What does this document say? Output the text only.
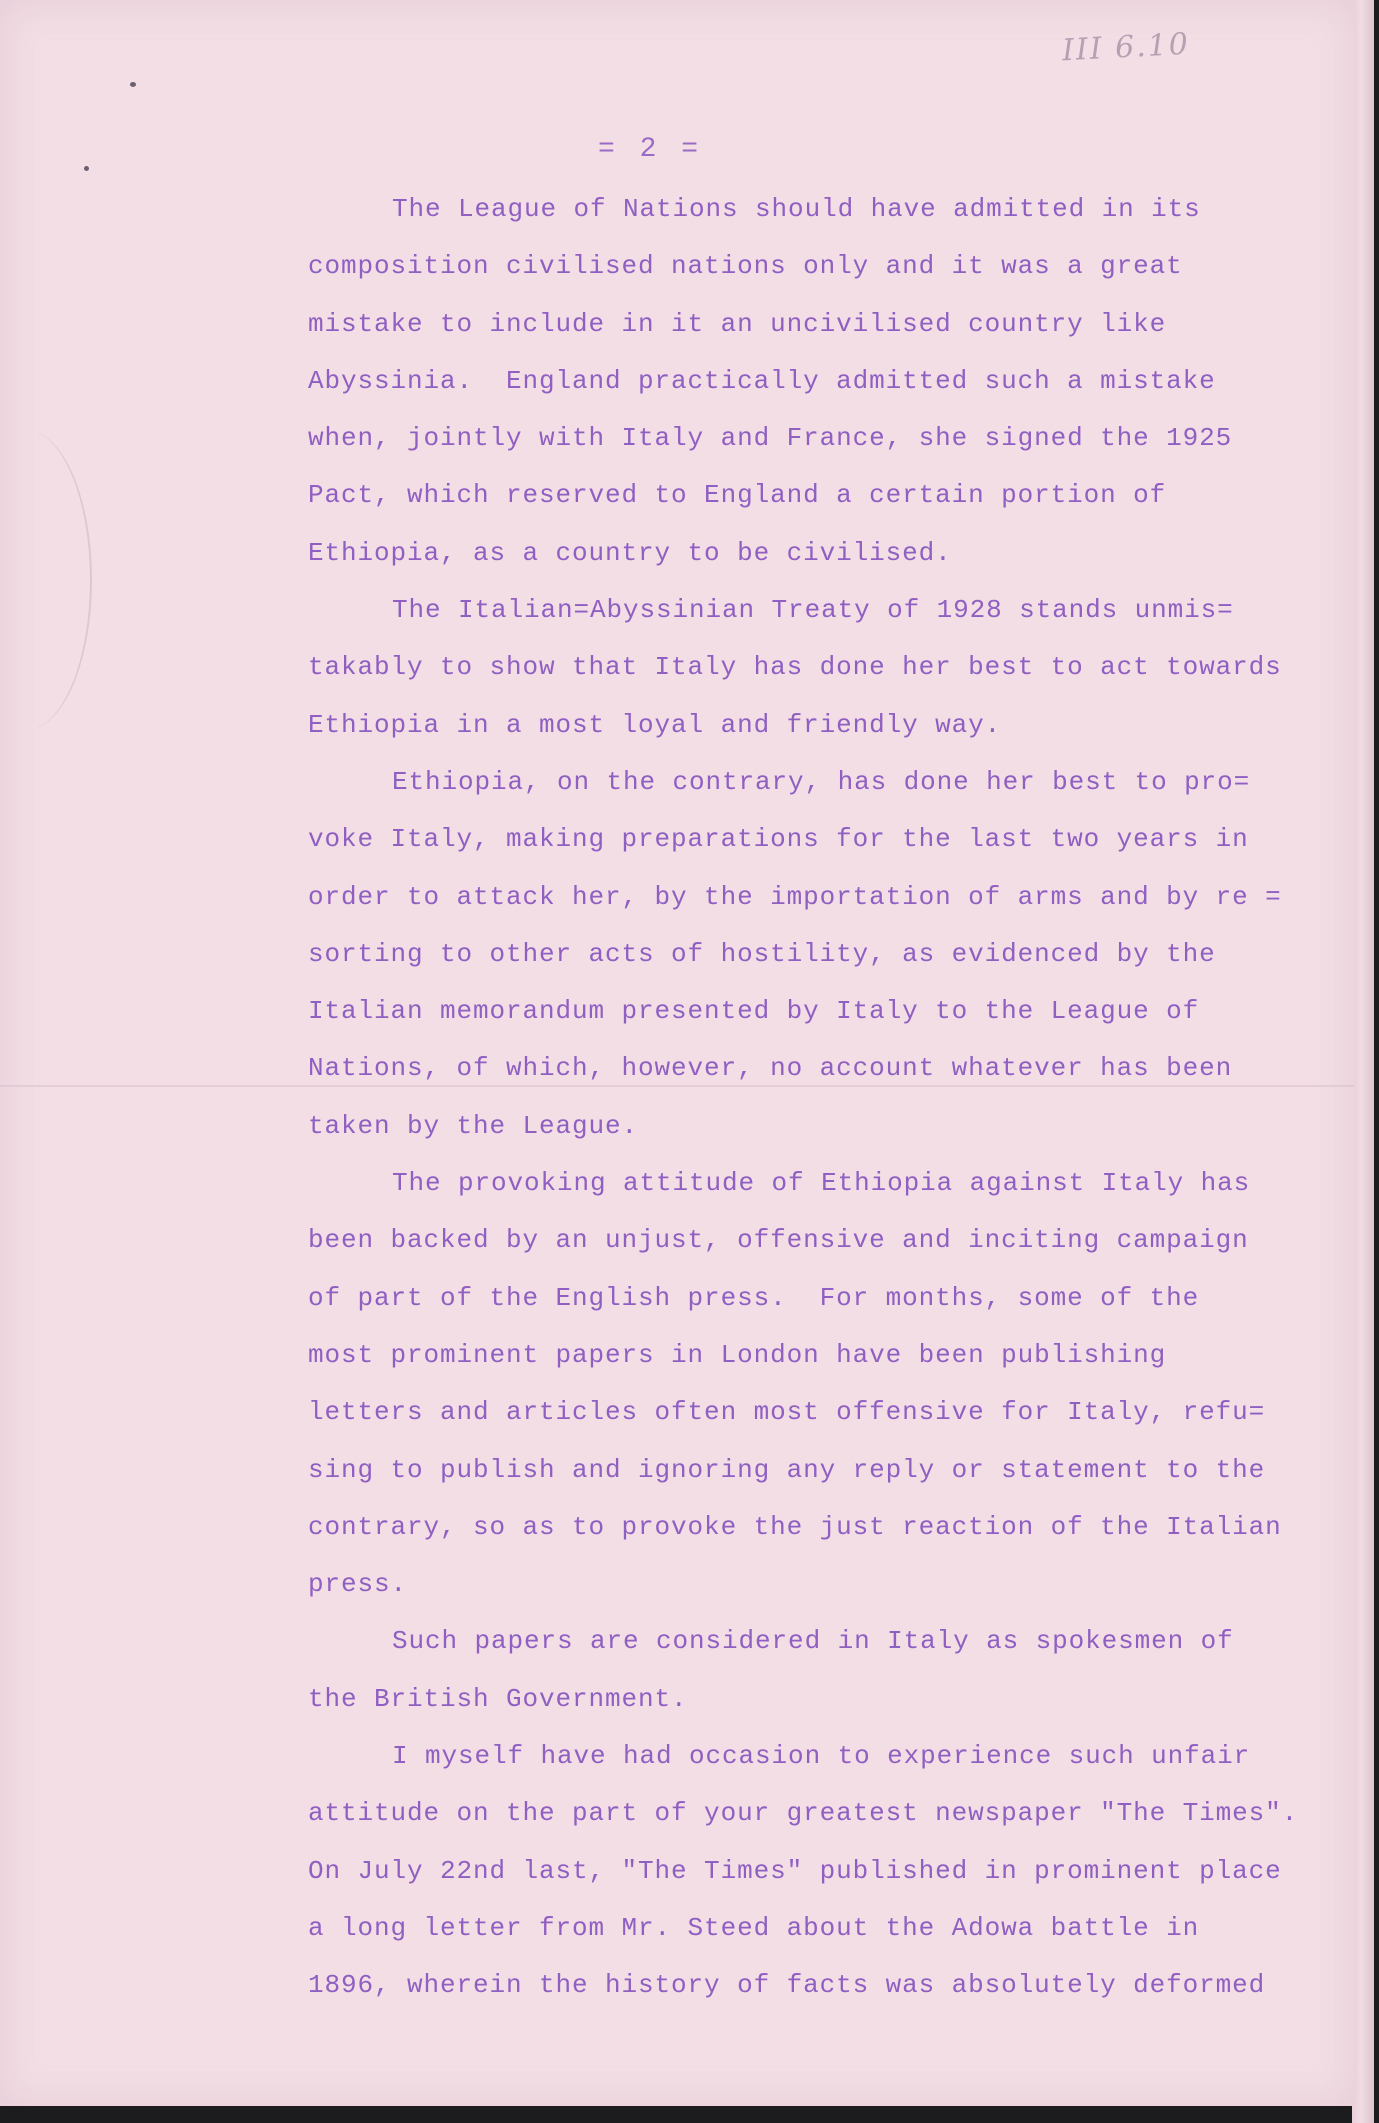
III 6.10
= 2 =
The League of Nations should have admitted in its
composition civilised nations only and it was a great
mistake to include in it an uncivilised country like
Abyssinia.  England practically admitted such a mistake
when, jointly with Italy and France, she signed the 1925
Pact, which reserved to England a certain portion of
Ethiopia, as a country to be civilised.
The Italian=Abyssinian Treaty of 1928 stands unmis=
takably to show that Italy has done her best to act towards
Ethiopia in a most loyal and friendly way.
Ethiopia, on the contrary, has done her best to pro=
voke Italy, making preparations for the last two years in
order to attack her, by the importation of arms and by re =
sorting to other acts of hostility, as evidenced by the
Italian memorandum presented by Italy to the League of
Nations, of which, however, no account whatever has been
taken by the League.
The provoking attitude of Ethiopia against Italy has
been backed by an unjust, offensive and inciting campaign
of part of the English press.  For months, some of the
most prominent papers in London have been publishing
letters and articles often most offensive for Italy, refu=
sing to publish and ignoring any reply or statement to the
contrary, so as to provoke the just reaction of the Italian
press.
Such papers are considered in Italy as spokesmen of
the British Government.
I myself have had occasion to experience such unfair
attitude on the part of your greatest newspaper "The Times".
On July 22nd last, "The Times" published in prominent place
a long letter from Mr. Steed about the Adowa battle in
1896, wherein the history of facts was absolutely deformed
